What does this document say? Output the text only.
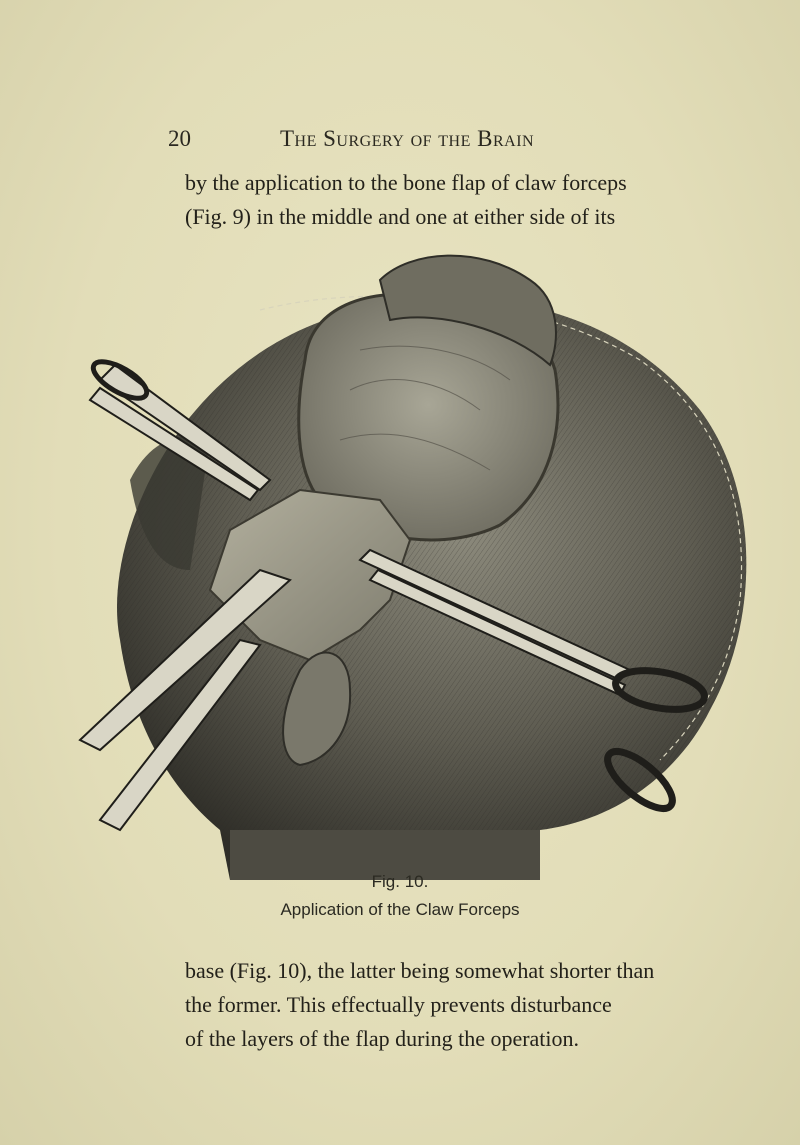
20	The Surgery of the Brain

by the application to the bone flap of claw forceps
(Fig. 9) in the middle and one at either side of its

Fig. 10.
Application of the Claw Forceps

base (Fig. 10), the latter being somewhat shorter than
the former. This effectually prevents disturbance
of the layers of the flap during the operation.
